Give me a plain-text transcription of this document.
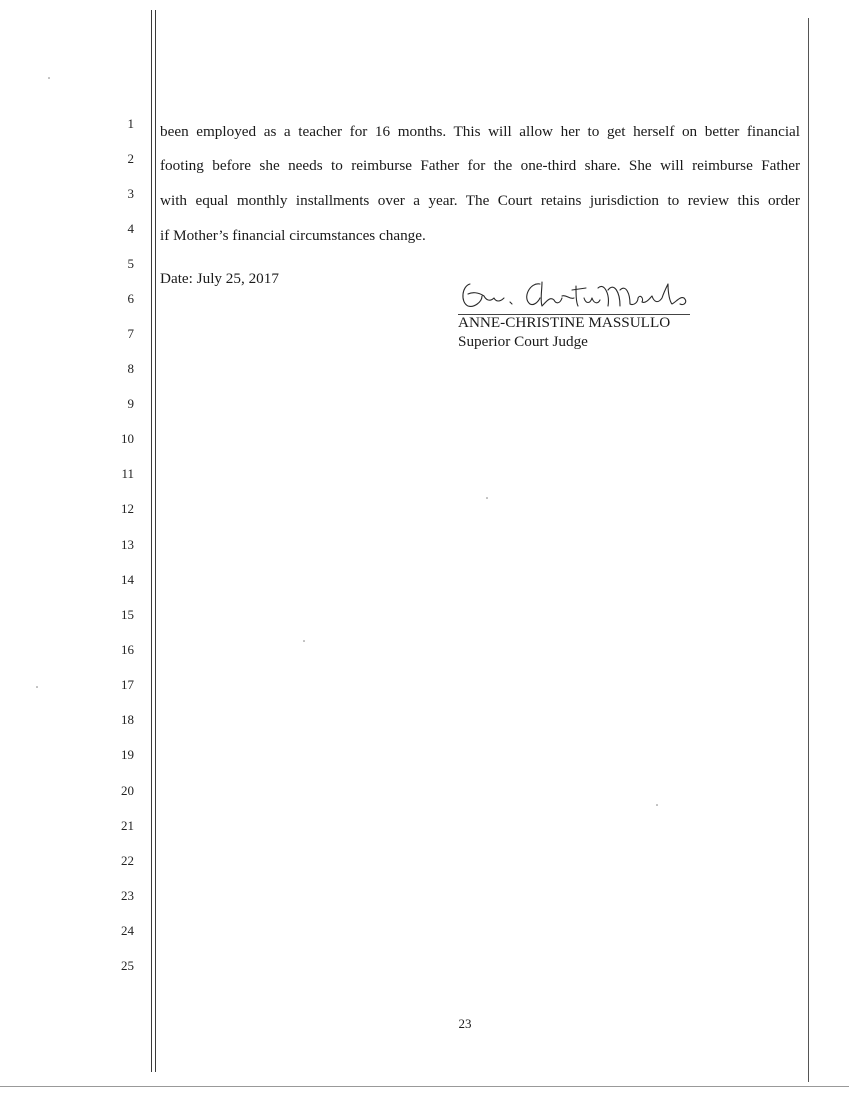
1
2
3
4
5
6
7
8
9
10
11
12
13
14
15
16
17
18
19
20
21
22
23
24
25
been employed as a teacher for 16 months. This will allow her to get herself on better financial
footing before she needs to reimburse Father for the one-third share. She will reimburse Father
with equal monthly installments over a year. The Court retains jurisdiction to review this order
if Mother’s financial circumstances change.
Date: July 25, 2017
ANNE-CHRISTINE MASSULLO
Superior Court Judge
23
